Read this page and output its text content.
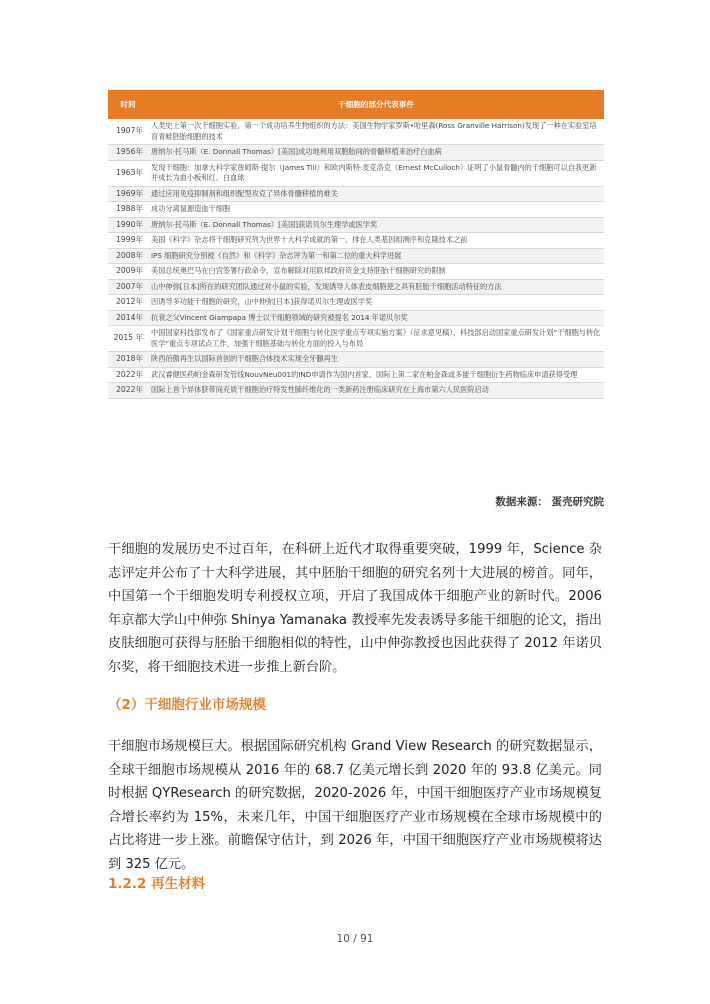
时间	干细胞的部分代表事件
1907年	人类史上第一次干细胞实验，第一个成功培养生物组织的方法：美国生物学家罗斯•哈里森(Ross Granville Harrison)发现了一种在实验室培育青蛙胚胎细胞的技术
1956年	唐纳尔·托马斯（E. Donnall Thomas）[美国]成功地利用双胞胎间的骨髓移植来治疗白血病
1963年	发现干细胞：加拿大科学家詹姆斯·提尔（James Till）和欧内斯特·麦克洛克（Ernest McCulloch）证明了小鼠骨髓内的干细胞可以自我更新并成长为血小板和红、白血球
1969年	通过应用免疫抑制剂和组织配型攻克了异体骨髓移植的难关
1988年	成功分离鼠源造血干细胞
1990年	唐纳尔·托马斯（E. Donnall Thomas）[美国]获诺贝尔生理学或医学奖
1999年	美国《科学》杂志将干细胞研究列为世界十大科学成就的第一，排在人类基因组测序和克隆技术之前
2008年	iPS 细胞研究分别被《自然》和《科学》杂志评为第一和第二位的重大科学进展
2009年	美国总统奥巴马在白宫签署行政命令，宣布解除对用联邦政府资金支持胚胎干细胞研究的限制
2007年	山中伸弥[日本]所在的研究团队通过对小鼠的实验，发现诱导人体表皮细胞使之具有胚胎干细胞活动特征的方法
2012年	因诱导多功能干细胞的研究，山中伸弥[日本]获得诺贝尔生理或医学奖
2014年	抗衰之父Vincent Giampapa 博士以干细胞领域的研究被提名 2014 年诺贝尔奖
2015 年	中国国家科技部发布了《国家重点研发计划干细胞与转化医学重点专项实施方案》（征求意见稿），科技部启动国家重点研发计划“干细胞与转化医学”重点专项试点工作，加强干细胞基础与转化方面的投入与布局
2018年	陕西佰傲再生以国际首创的干细胞合体技术实现全牙髓再生
2022年	武汉睿健医药帕金森研发管线NouvNeu001的IND申请作为国内首家、国际上第二家在帕金森或多能干细胞衍生药物临床申请获得受理
2022年	国际上首个异体脐带间充质干细胞治疗特发性肺纤维化的一类新药注册临床研究在上海市第六人民医院启动
数据来源： 蛋壳研究院

干细胞的发展历史不过百年，在科研上近代才取得重要突破，1999 年，Science 杂志评定并公布了十大科学进展，其中胚胎干细胞的研究名列十大进展的榜首。同年，中国第一个干细胞发明专利授权立项，开启了我国成体干细胞产业的新时代。2006 年京都大学山中伸弥 Shinya Yamanaka 教授率先发表诱导多能干细胞的论文，指出皮肤细胞可获得与胚胎干细胞相似的特性，山中伸弥教授也因此获得了 2012 年诺贝尔奖，将干细胞技术进一步推上新台阶。

（2）干细胞行业市场规模

干细胞市场规模巨大。根据国际研究机构 Grand View Research 的研究数据显示，全球干细胞市场规模从 2016 年的 68.7 亿美元增长到 2020 年的 93.8 亿美元。同时根据 QYResearch 的研究数据，2020-2026 年，中国干细胞医疗产业市场规模复合增长率约为 15%，未来几年，中国干细胞医疗产业市场规模在全球市场规模中的占比将进一步上涨。前瞻保守估计，到 2026 年，中国干细胞医疗产业市场规模将达到 325 亿元。

1.2.2 再生材料
10 / 91
